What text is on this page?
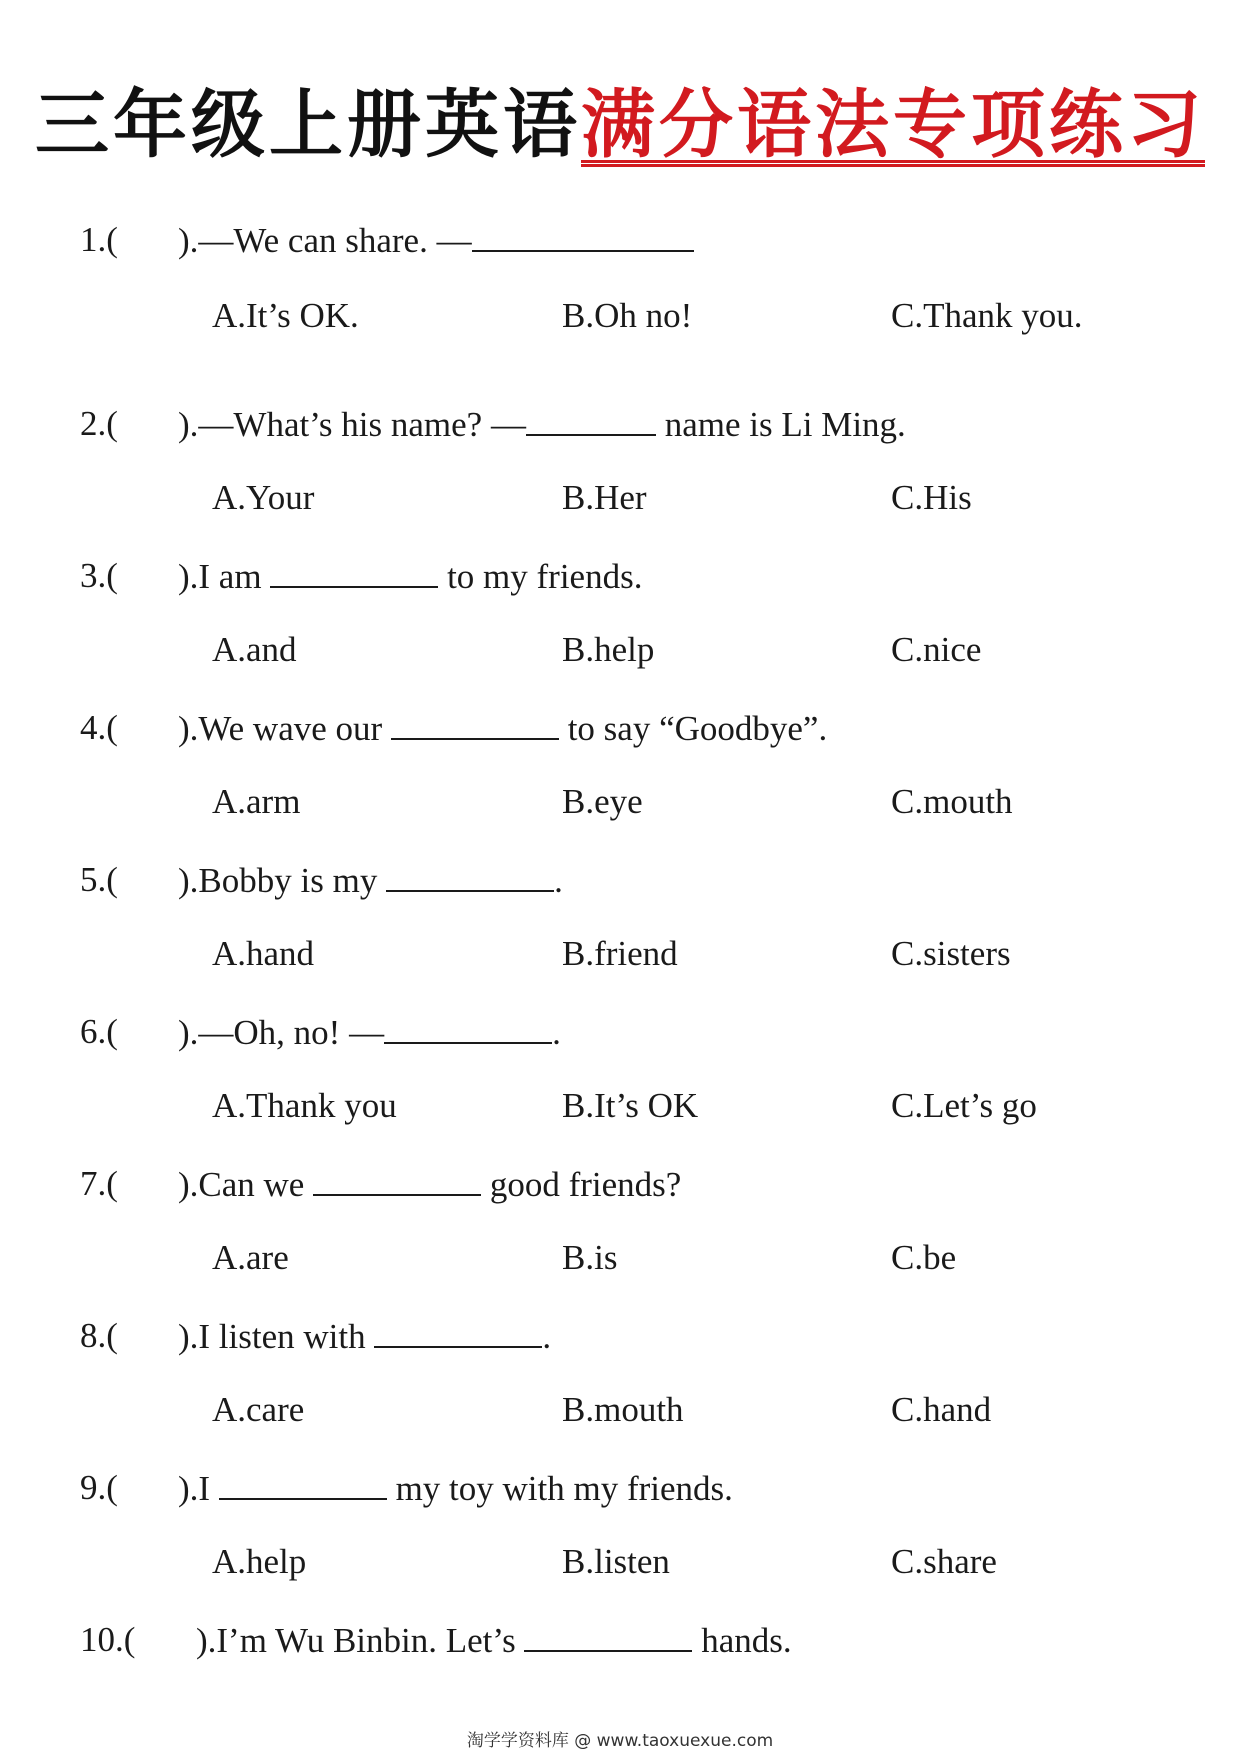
三年级上册英语满分语法专项练习
1.( ).—We can share. —
A.It’s OK.	B.Oh no!	C.Thank you.
2.( ).—What’s his name? —	name is Li Ming.
A.Your	B.Her	C.His
3.( ).I am	to my friends.
A.and	B.help	C.nice
4.( ).We wave our	to say “Goodbye”.
A.arm	B.eye	C.mouth
5.( ).Bobby is my	.
A.hand	B.friend	C.sisters
6.( ).—Oh, no! —	.
A.Thank you	B.It’s OK	C.Let’s go
7.( ).Can we	good friends?
A.are	B.is	C.be
8.( ).I listen with	.
A.care	B.mouth	C.hand
9.( ).I	my toy with my friends.
A.help	B.listen	C.share
10.( ).I’m Wu Binbin. Let’s	hands.
淘学学资料库 @ www.taoxuexue.com
